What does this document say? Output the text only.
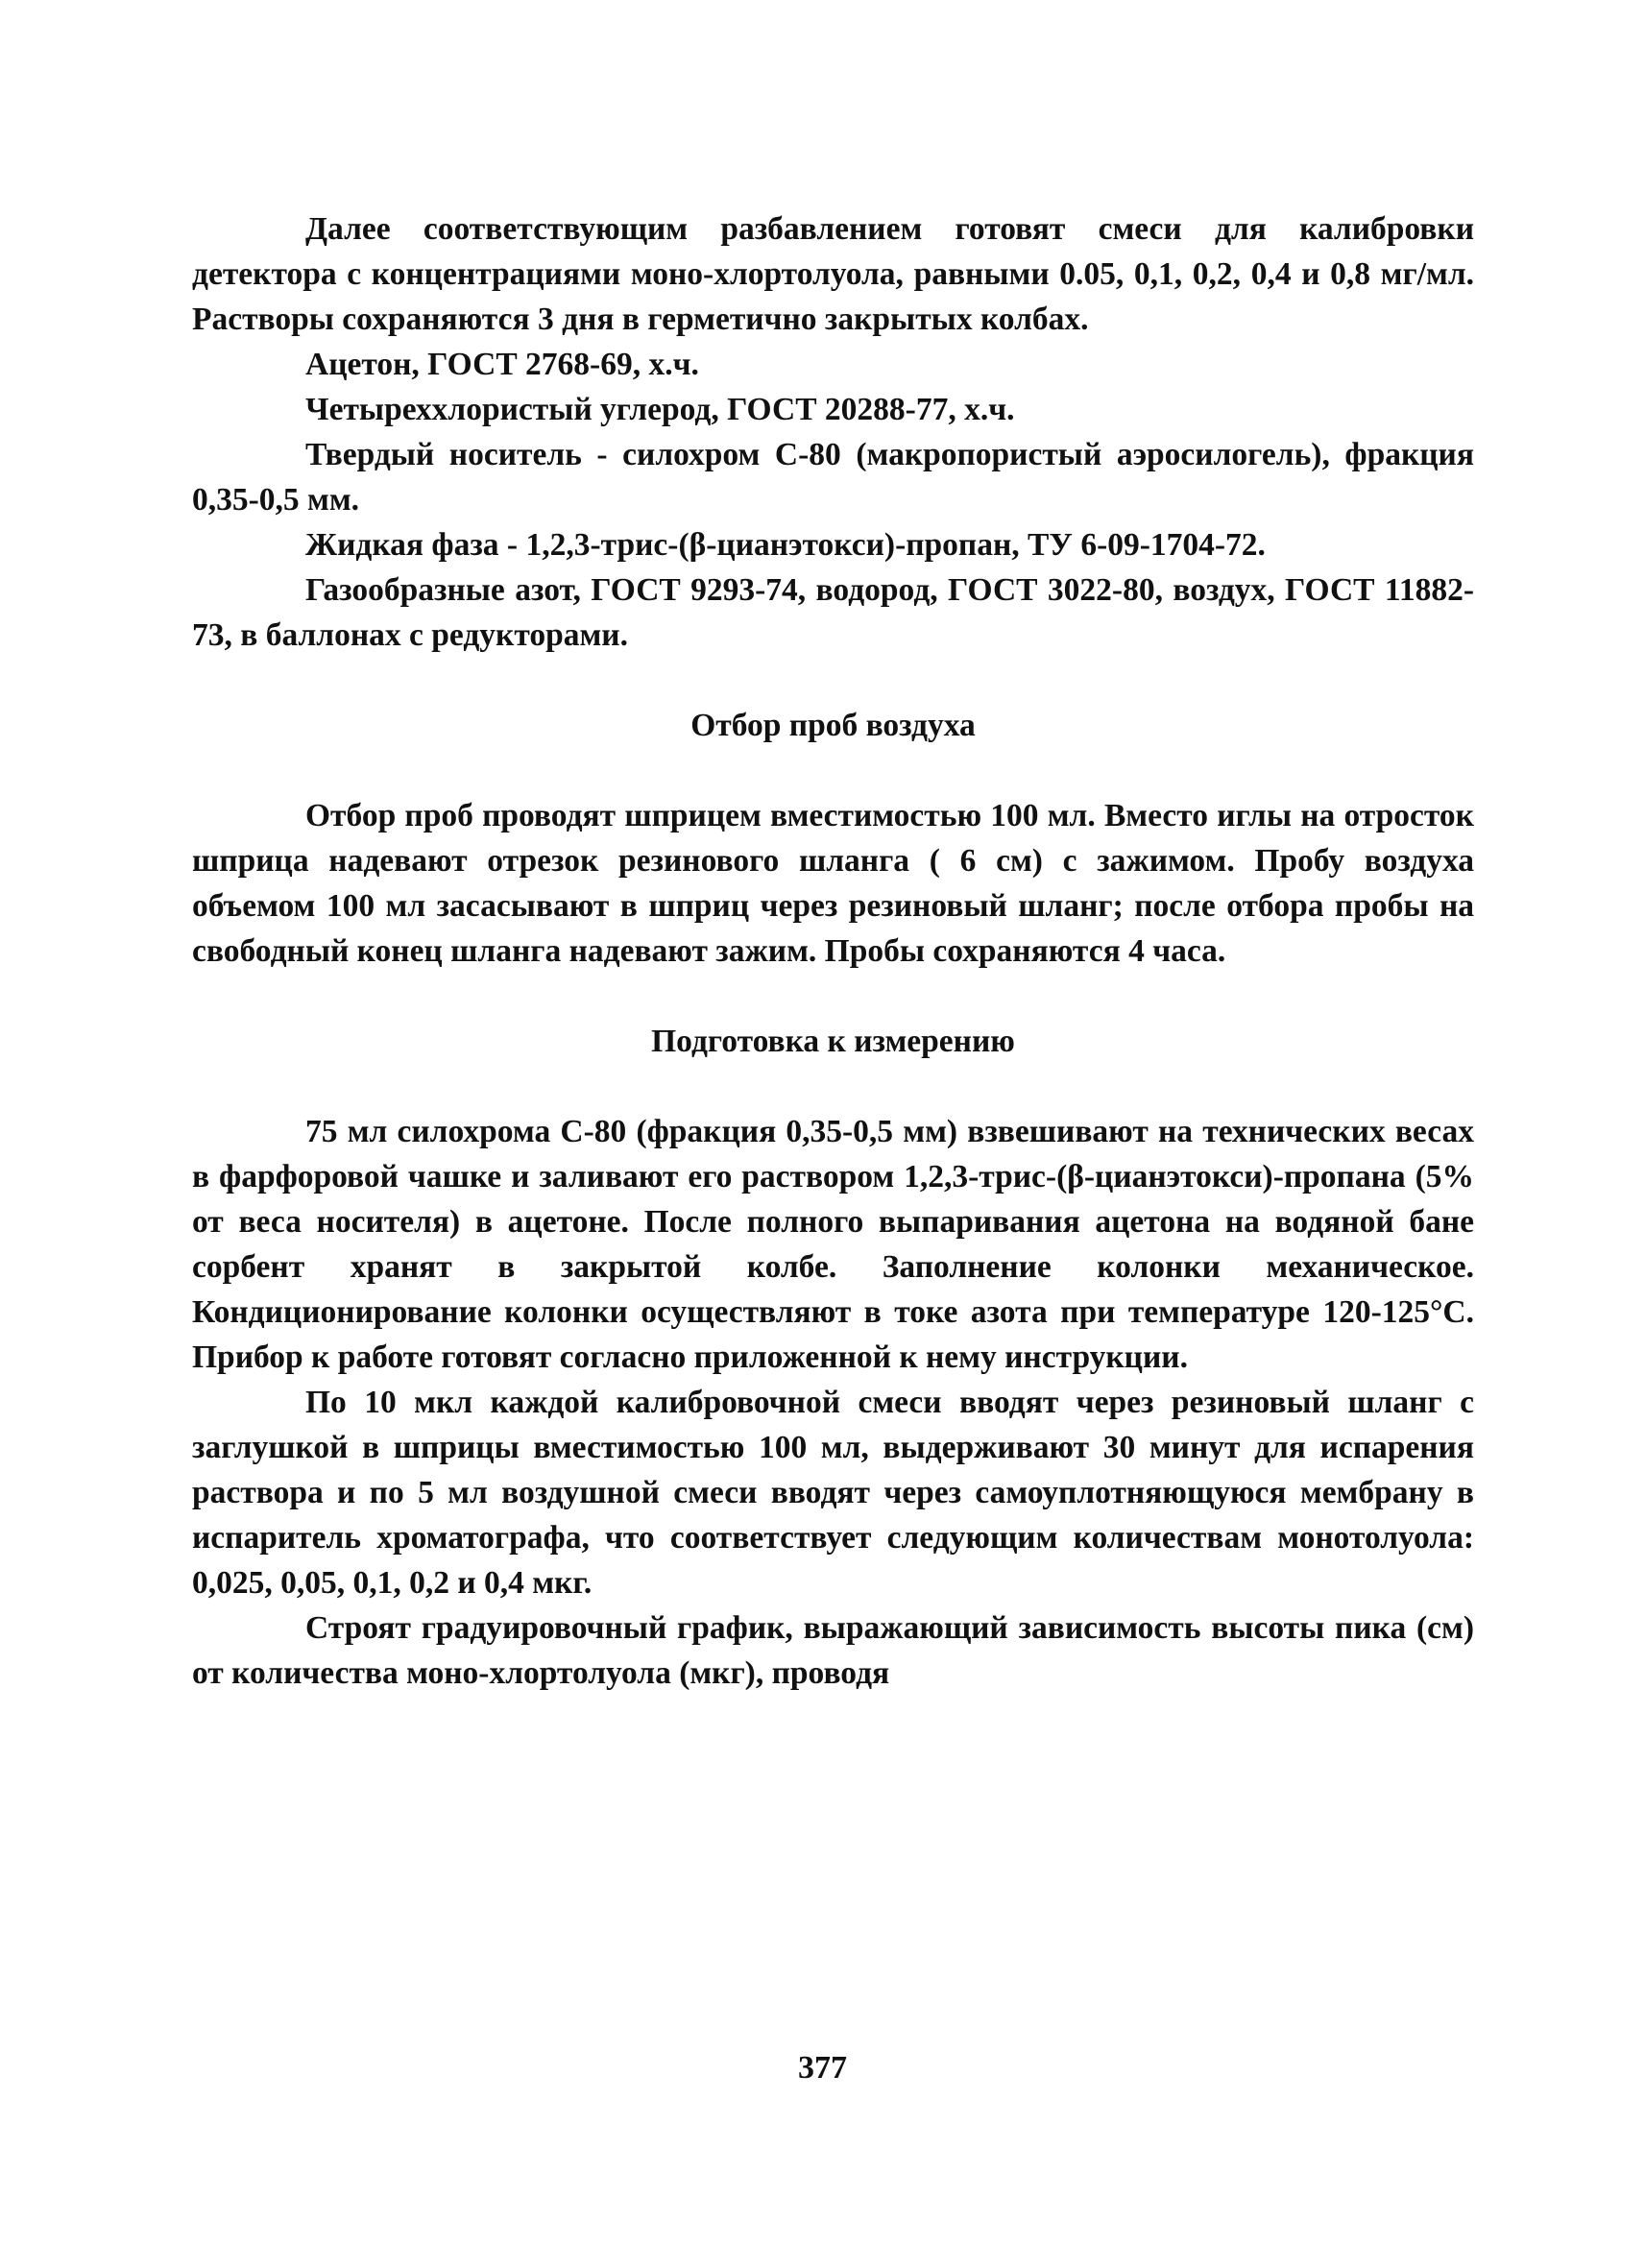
Далее соответствующим разбавлением готовят смеси для калибровки детектора с концентрациями моно-хлортолуола, равными 0.05, 0,1, 0,2, 0,4 и 0,8 мг/мл. Растворы сохраняются 3 дня в герметично закрытых колбах.

Ацетон, ГОСТ 2768-69, х.ч.

Четыреххлористый углерод, ГОСТ 20288-77, х.ч.

Твердый носитель - силохром С-80 (макропористый аэросилогель), фракция 0,35-0,5 мм.

Жидкая фаза - 1,2,3-трис-(β-цианэтокси)-пропан, ТУ 6-09-1704-72.

Газообразные азот, ГОСТ 9293-74, водород, ГОСТ 3022-80, воздух, ГОСТ 11882-73, в баллонах с редукторами.

Отбор проб воздуха

Отбор проб проводят шприцем вместимостью 100 мл. Вместо иглы на отросток шприца надевают отрезок резинового шланга ( 6 см) с зажимом. Пробу воздуха объемом 100 мл засасывают в шприц через резиновый шланг; после отбора пробы на свободный конец шланга надевают зажим. Пробы сохраняются 4 часа.

Подготовка к измерению

75 мл силохрома С-80 (фракция 0,35-0,5 мм) взвешивают на технических весах в фарфоровой чашке и заливают его раствором 1,2,3-трис-(β-цианэтокси)-пропана (5% от веса носителя) в ацетоне. После полного выпаривания ацетона на водяной бане сорбент хранят в закрытой колбе. Заполнение колонки механическое. Кондиционирование колонки осуществляют в токе азота при температуре 120-125°С. Прибор к работе готовят согласно приложенной к нему инструкции.

По 10 мкл каждой калибровочной смеси вводят через резиновый шланг с заглушкой в шприцы вместимостью 100 мл, выдерживают 30 минут для испарения раствора и по 5 мл воздушной смеси вводят через самоуплотняющуюся мембрану в испаритель хроматографа, что соответствует следующим количествам монотолуола: 0,025, 0,05, 0,1, 0,2 и 0,4 мкг.

Строят градуировочный график, выражающий зависимость высоты пика (см) от количества моно-хлортолуола (мкг), проводя

377
